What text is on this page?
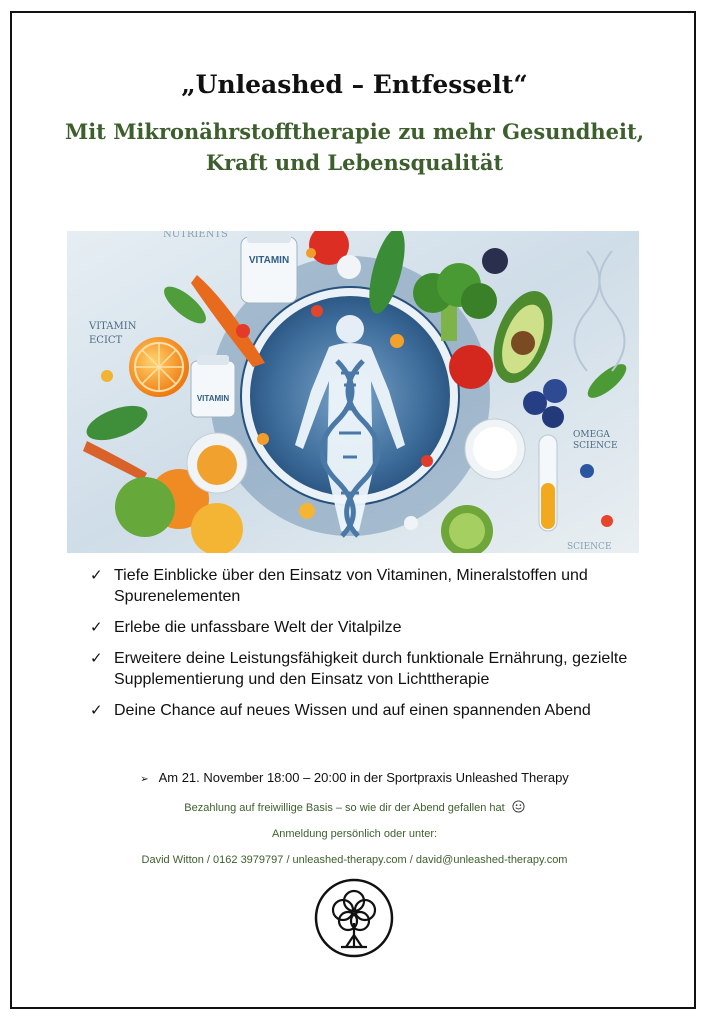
„Unleashed – Entfesselt“
Mit Mikronährstofftherapie zu mehr Gesundheit,
Kraft und Lebensqualität
VITAMIN
VITAMIN
VITAMIN
ECICT
NUTRIENTS
OMEGA
SCIENCE
SCIENCE
✓ Tiefe Einblicke über den Einsatz von Vitaminen, Mineralstoffen und Spurenelementen
✓ Erlebe die unfassbare Welt der Vitalpilze
✓ Erweitere deine Leistungsfähigkeit durch funktionale Ernährung, gezielte Supplementierung und den Einsatz von Lichttherapie
✓ Deine Chance auf neues Wissen und auf einen spannenden Abend
➢ Am 21. November 18:00 – 20:00 in der Sportpraxis Unleashed Therapy
Bezahlung auf freiwillige Basis – so wie dir der Abend gefallen hat
Anmeldung persönlich oder unter:
David Witton / 0162 3979797 / unleashed-therapy.com / david@unleashed-therapy.com
